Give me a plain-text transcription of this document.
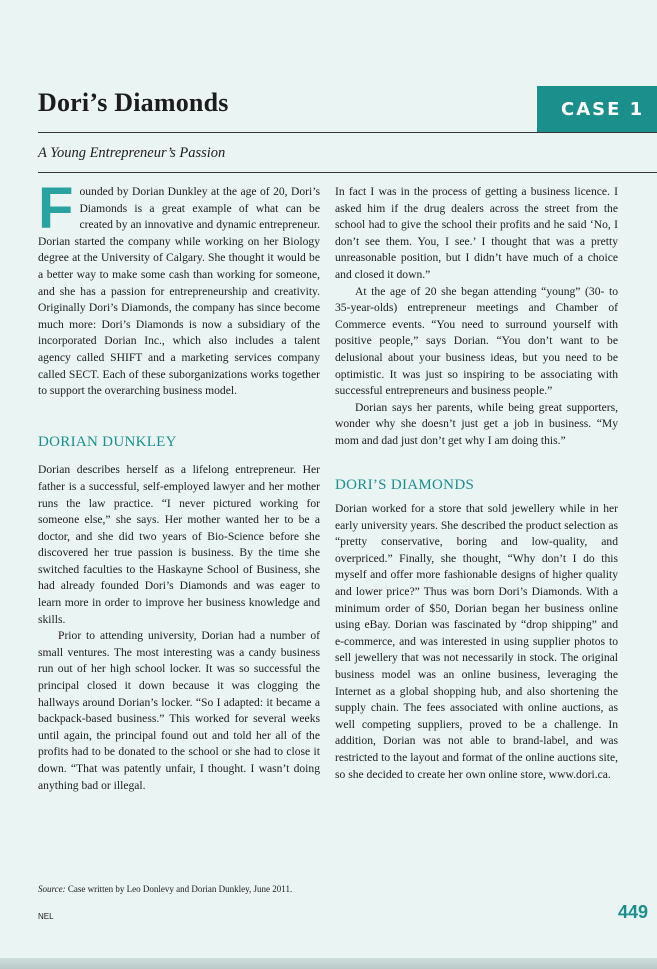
Dori’s Diamonds	CASE 1

A Young Entrepreneur’s Passion

Founded by Dorian Dunkley at the age of 20, Dori’s Diamonds is a great example of what can be created by an innovative and dynamic entrepreneur. Dorian started the company while working on her Biology degree at the University of Calgary. She thought it would be a better way to make some cash than working for someone, and she has a passion for entrepreneurship and creativity. Originally Dori’s Diamonds, the company has since become much more: Dori’s Diamonds is now a subsidiary of the incorporated Dorian Inc., which also includes a talent agency called SHIFT and a marketing services company called SECT. Each of these suborganizations works together to support the overarching business model.

DORIAN DUNKLEY

Dorian describes herself as a lifelong entrepreneur. Her father is a successful, self-employed lawyer and her mother runs the law practice. “I never pictured working for someone else,” she says. Her mother wanted her to be a doctor, and she did two years of Bio-Science before she discovered her true passion is business. By the time she switched faculties to the Haskayne School of Business, she had already founded Dori’s Diamonds and was eager to learn more in order to improve her business knowledge and skills.

Prior to attending university, Dorian had a number of small ventures. The most interesting was a candy business run out of her high school locker. It was so successful the principal closed it down because it was clogging the hallways around Dorian’s locker. “So I adapted: it became a backpack-based business.” This worked for several weeks until again, the principal found out and told her all of the profits had to be donated to the school or she had to close it down. “That was patently unfair, I thought. I wasn’t doing anything bad or illegal.

In fact I was in the process of getting a business licence. I asked him if the drug dealers across the street from the school had to give the school their profits and he said ‘No, I don’t see them. You, I see.’ I thought that was a pretty unreasonable position, but I didn’t have much of a choice and closed it down.”

At the age of 20 she began attending “young” (30- to 35-year-olds) entrepreneur meetings and Chamber of Commerce events. “You need to surround yourself with positive people,” says Dorian. “You don’t want to be delusional about your business ideas, but you need to be optimistic. It was just so inspiring to be associating with successful entrepreneurs and business people.”

Dorian says her parents, while being great supporters, wonder why she doesn’t just get a job in business. “My mom and dad just don’t get why I am doing this.”

DORI’S DIAMONDS

Dorian worked for a store that sold jewellery while in her early university years. She described the product selection as “pretty conservative, boring and low-quality, and overpriced.” Finally, she thought, “Why don’t I do this myself and offer more fashionable designs of higher quality and lower price?” Thus was born Dori’s Diamonds. With a minimum order of $50, Dorian began her business online using eBay. Dorian was fascinated by “drop shipping” and e-commerce, and was interested in using supplier photos to sell jewellery that was not necessarily in stock. The original business model was an online business, leveraging the Internet as a global shopping hub, and also shortening the supply chain. The fees associated with online auctions, as well competing suppliers, proved to be a challenge. In addition, Dorian was not able to brand-label, and was restricted to the layout and format of the online auctions site, so she decided to create her own online store, www.dori.ca.

Source: Case written by Leo Donlevy and Dorian Dunkley, June 2011.

NEL	449
